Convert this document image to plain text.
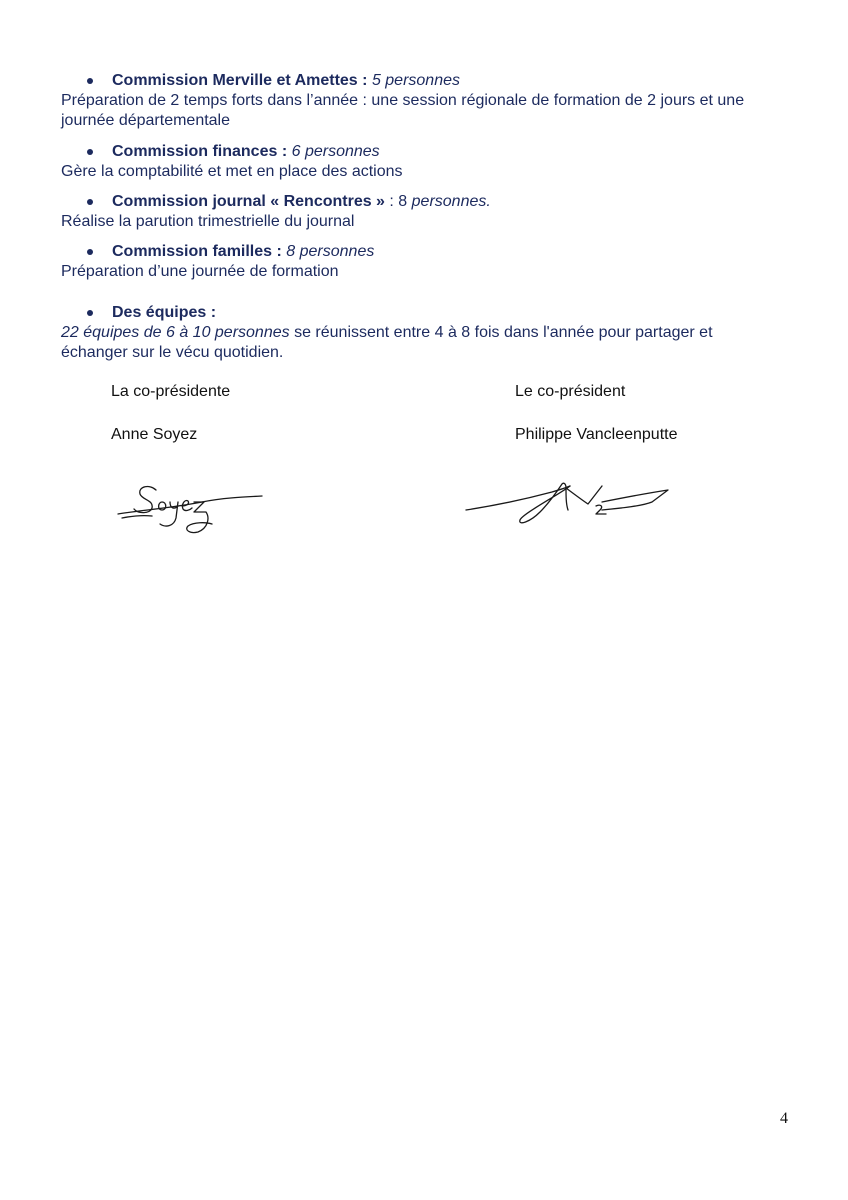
Commission Merville et Amettes : 5 personnes
Préparation de 2 temps forts dans l’année : une session régionale de formation de 2 jours et une journée départementale
Commission finances : 6 personnes
Gère la comptabilité et met en place des actions
Commission journal « Rencontres » : 8 personnes.
Réalise la parution trimestrielle du journal
Commission familles : 8 personnes
Préparation d’une journée de formation
Des équipes :
22 équipes de 6 à 10 personnes se réunissent entre 4 à 8 fois dans l'année pour partager et échanger sur le vécu quotidien.
La co-présidente	Le co-président
Anne Soyez	Philippe Vancleenputte
4
